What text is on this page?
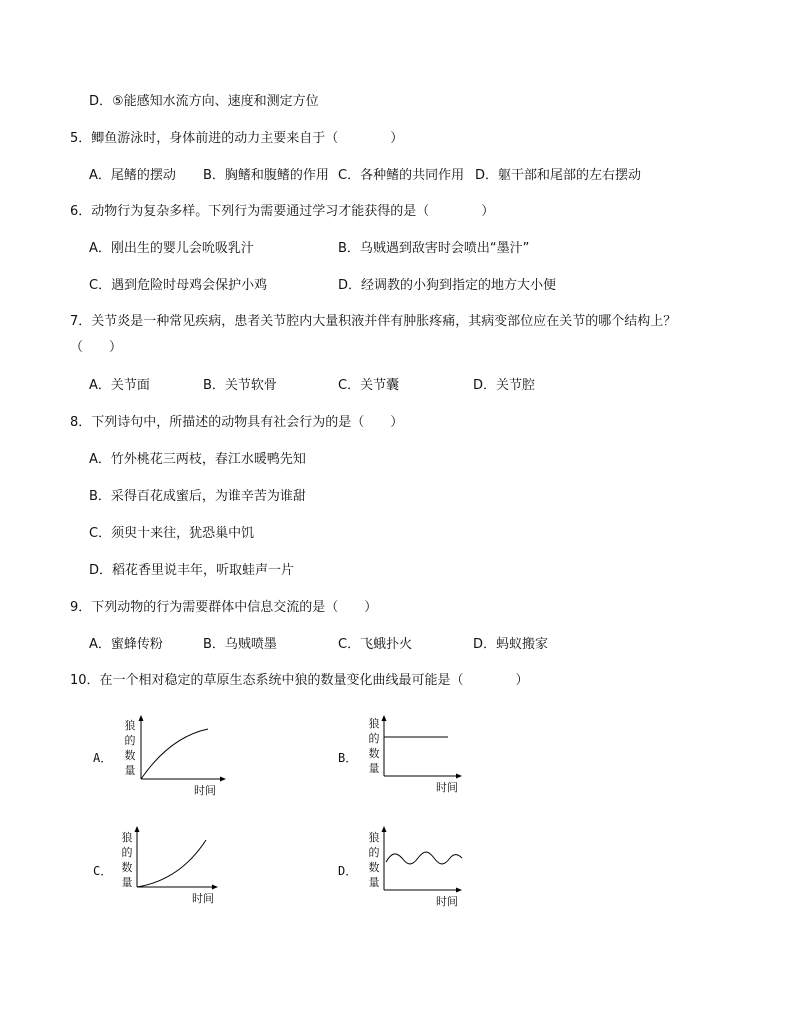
D．⑤能感知水流方向、速度和测定方位
5．鲫鱼游泳时，身体前进的动力主要来自于（　　　　）
A．尾鳍的摆动 B．胸鳍和腹鳍的作用 C．各种鳍的共同作用 D．躯干部和尾部的左右摆动
6．动物行为复杂多样。下列行为需要通过学习才能获得的是（　　　　）
A．刚出生的婴儿会吮吸乳汁	B．乌贼遇到敌害时会喷出“墨汁”
C．遇到危险时母鸡会保护小鸡	D．经调教的小狗到指定的地方大小便
7．关节炎是一种常见疾病，患者关节腔内大量积液并伴有肿胀疼痛，其病变部位应在关节的哪个结构上？
（　　）
A．关节面	B．关节软骨	C．关节囊	D．关节腔
8．下列诗句中，所描述的动物具有社会行为的是（　　）
A．竹外桃花三两枝，春江水暖鸭先知
B．采得百花成蜜后，为谁辛苦为谁甜
C．须臾十来往，犹恐巢中饥
D．稻花香里说丰年，听取蛙声一片
9．下列动物的行为需要群体中信息交流的是（　　）
A．蜜蜂传粉	B．乌贼喷墨	C．飞蛾扑火	D．蚂蚁搬家
10．在一个相对稳定的草原生态系统中狼的数量变化曲线最可能是（　　　　）
A．
狼
的
数
量
时间
B．
狼
的
数
量
时间
C．
狼
的
数
量
时间
D．
狼
的
数
量
时间
